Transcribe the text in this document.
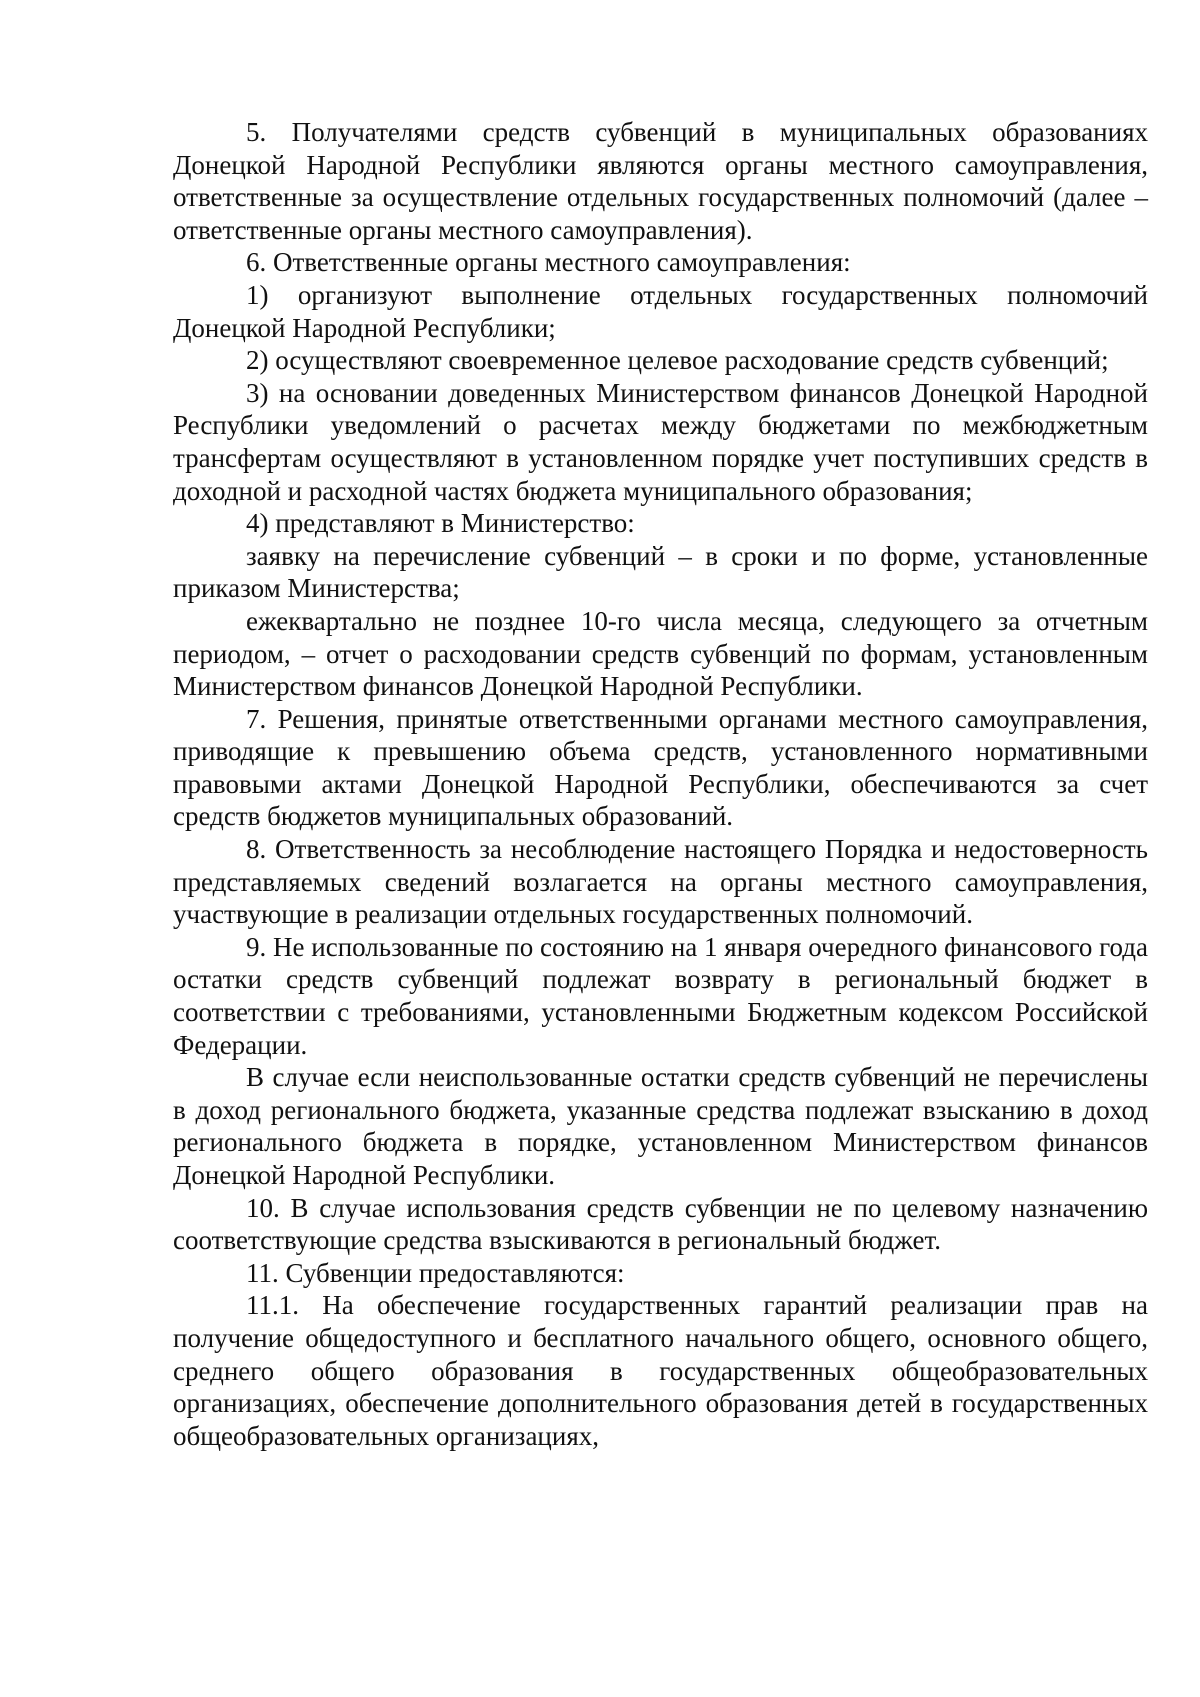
5. Получателями средств субвенций в муниципальных образованиях Донецкой Народной Республики являются органы местного самоуправления, ответственные за осуществление отдельных государственных полномочий (далее – ответственные органы местного самоуправления).

6. Ответственные органы местного самоуправления:

1) организуют выполнение отдельных государственных полномочий Донецкой Народной Республики;

2) осуществляют своевременное целевое расходование средств субвенций;

3) на основании доведенных Министерством финансов Донецкой Народной Республики уведомлений о расчетах между бюджетами по межбюджетным трансфертам осуществляют в установленном порядке учет поступивших средств в доходной и расходной частях бюджета муниципального образования;

4) представляют в Министерство:

заявку на перечисление субвенций – в сроки и по форме, установленные приказом Министерства;

ежеквартально не позднее 10-го числа месяца, следующего за отчетным периодом, – отчет о расходовании средств субвенций по формам, установленным Министерством финансов Донецкой Народной Республики.

7. Решения, принятые ответственными органами местного самоуправления, приводящие к превышению объема средств, установленного нормативными правовыми актами Донецкой Народной Республики, обеспечиваются за счет средств бюджетов муниципальных образований.

8. Ответственность за несоблюдение настоящего Порядка и недостоверность представляемых сведений возлагается на органы местного самоуправления, участвующие в реализации отдельных государственных полномочий.

9. Не использованные по состоянию на 1 января очередного финансового года остатки средств субвенций подлежат возврату в региональный бюджет в соответствии с требованиями, установленными Бюджетным кодексом Российской Федерации.

В случае если неиспользованные остатки средств субвенций не перечислены в доход регионального бюджета, указанные средства подлежат взысканию в доход регионального бюджета в порядке, установленном Министерством финансов Донецкой Народной Республики.

10. В случае использования средств субвенции не по целевому назначению соответствующие средства взыскиваются в региональный бюджет.

11. Субвенции предоставляются:

11.1. На обеспечение государственных гарантий реализации прав на получение общедоступного и бесплатного начального общего, основного общего, среднего общего образования в государственных общеобразовательных организациях, обеспечение дополнительного образования детей в государственных общеобразовательных организациях,
